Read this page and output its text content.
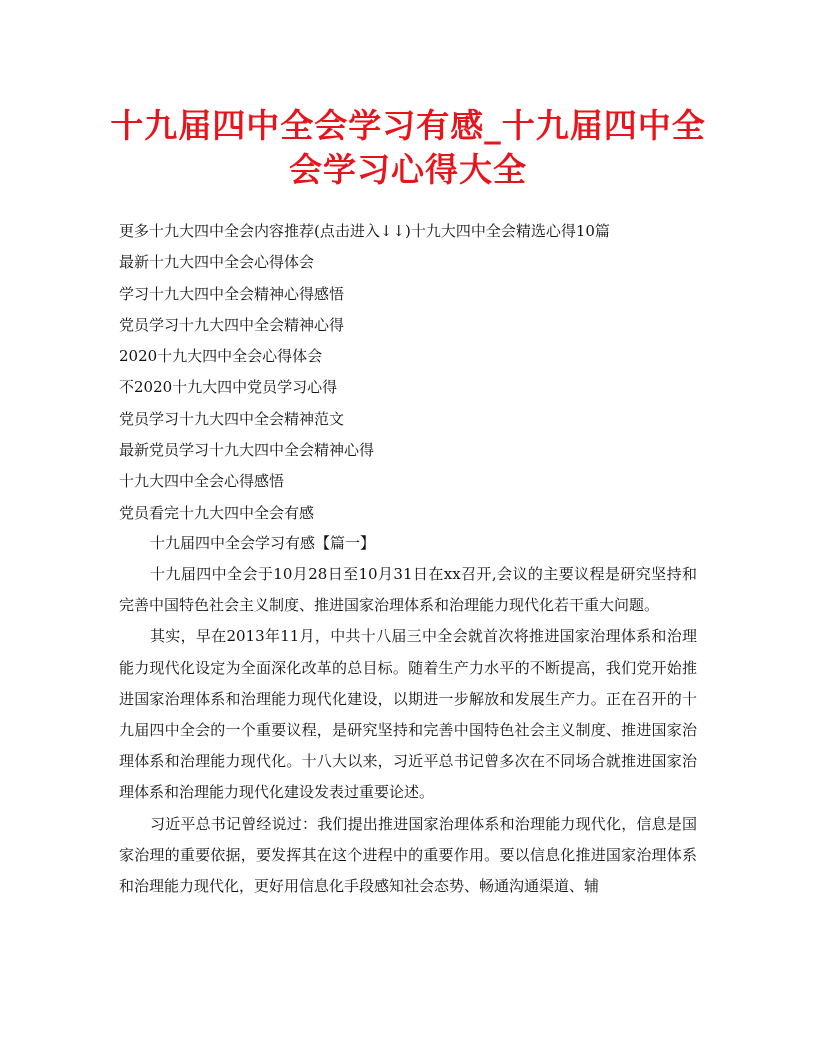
十九届四中全会学习有感_十九届四中全
会学习心得大全
更多十九大四中全会内容推荐(点击进入↓↓)十九大四中全会精选心得10篇
最新十九大四中全会心得体会
学习十九大四中全会精神心得感悟
党员学习十九大四中全会精神心得
2020十九大四中全会心得体会
不2020十九大四中党员学习心得
党员学习十九大四中全会精神范文
最新党员学习十九大四中全会精神心得
十九大四中全会心得感悟
党员看完十九大四中全会有感
十九届四中全会学习有感【篇一】

十九届四中全会于10月28日至10月31日在xx召开,会议的主要议程是研究坚持和完善中国特色社会主义制度、推进国家治理体系和治理能力现代化若干重大问题。

其实，早在2013年11月，中共十八届三中全会就首次将推进国家治理体系和治理能力现代化设定为全面深化改革的总目标。随着生产力水平的不断提高，我们党开始推进国家治理体系和治理能力现代化建设，以期进一步解放和发展生产力。正在召开的十九届四中全会的一个重要议程，是研究坚持和完善中国特色社会主义制度、推进国家治理体系和治理能力现代化。十八大以来，习近平总书记曾多次在不同场合就推进国家治理体系和治理能力现代化建设发表过重要论述。

习近平总书记曾经说过：我们提出推进国家治理体系和治理能力现代化，信息是国家治理的重要依据，要发挥其在这个进程中的重要作用。要以信息化推进国家治理体系和治理能力现代化，更好用信息化手段感知社会态势、畅通沟通渠道、辅
